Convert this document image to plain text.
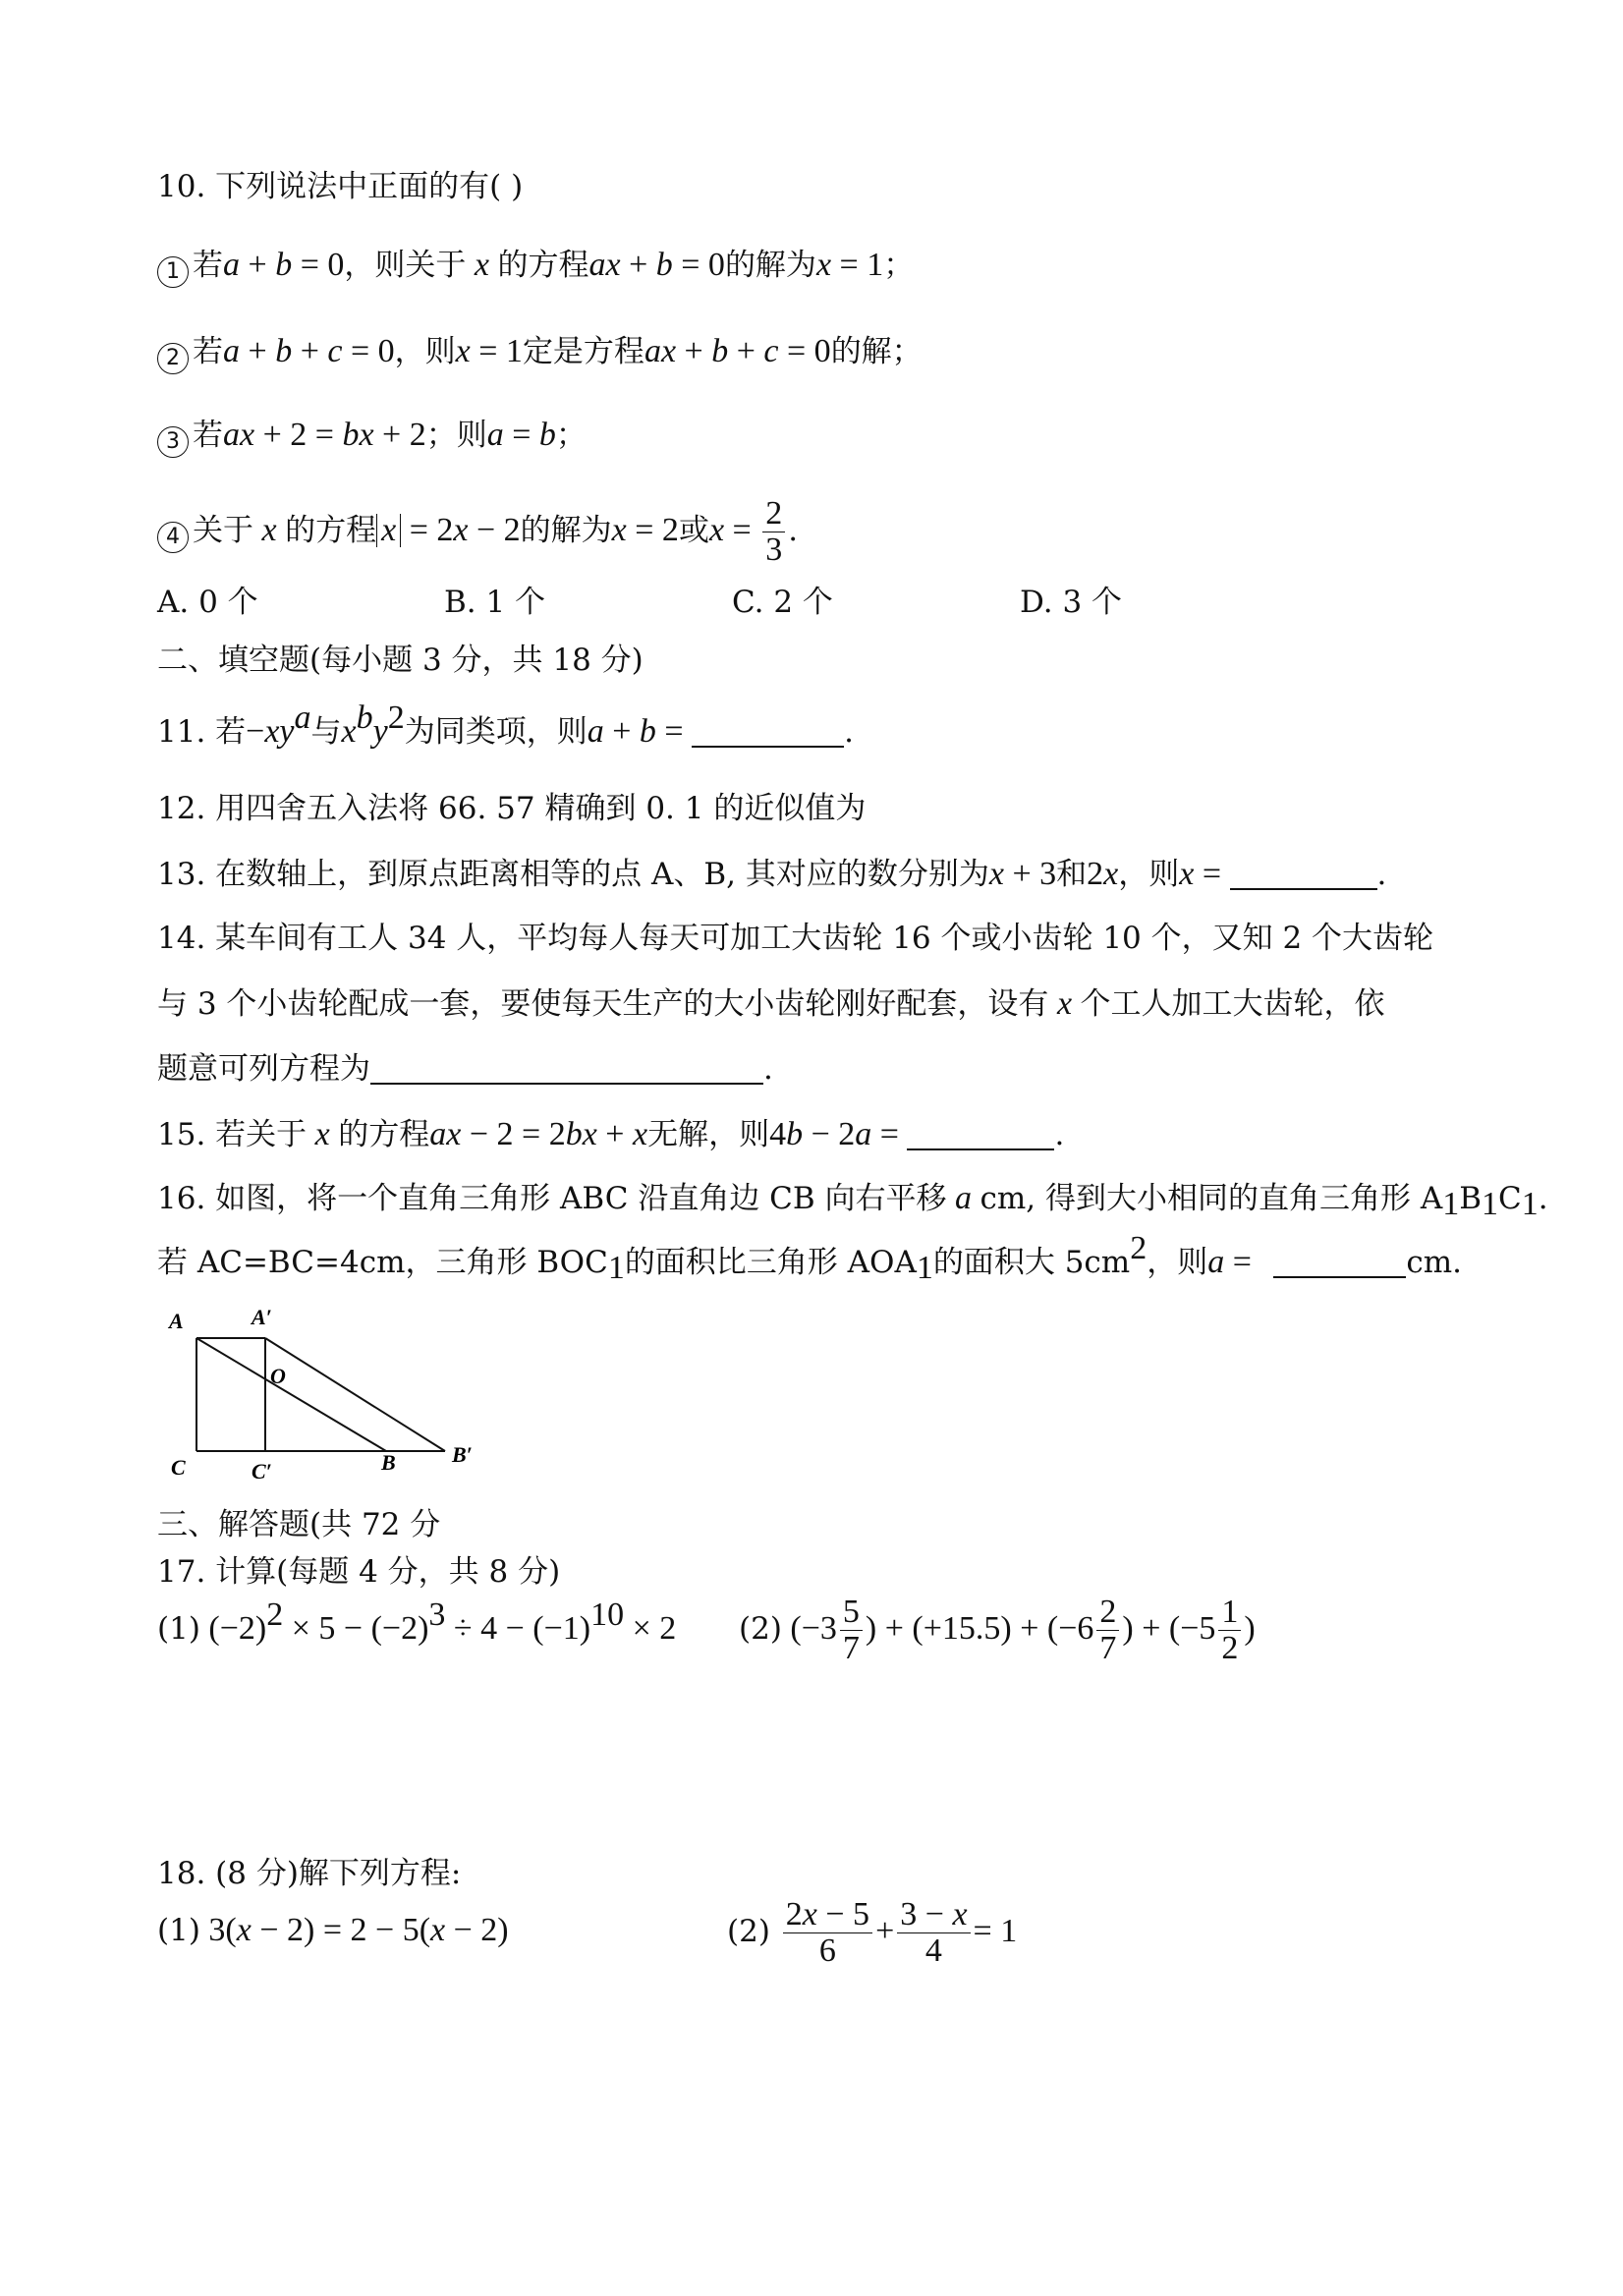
10. 下列说法中正面的有( )
1 若a + b = 0，则关于 x 的方程ax + b = 0的解为x = 1；
2 若a + b + c = 0，则x = 1定是方程ax + b + c = 0的解；
3 若ax + 2 = bx + 2；则a = b；
4 关于 x 的方程 x = 2x − 2的解为x = 2或$x = \frac{2}{3}$ .
A. 0 个	B. 1 个	C. 2 个	D. 3 个
二、填空题(每小题 3 分，共 18 分)
11. 若$-xy^a$与$x^by^2$为同类项，则a + b =	.
12. 用四舍五入法将 66. 57 精确到 0. 1 的近似值为
13. 在数轴上，到原点距离相等的点 A、B, 其对应的数分别为x + 3和2x，则x =	.
14. 某车间有工人 34 人，平均每人每天可加工大齿轮 16 个或小齿轮 10 个，又知 2 个大齿轮
与 3 个小齿轮配成一套，要使每天生产的大小齿轮刚好配套，设有 x 个工人加工大齿轮，依
题意可列方程为	.
15. 若关于 x 的方程ax − 2 = 2bx + x无解，则4b − 2a =	.
16. 如图，将一个直角三角形 ABC 沿直角边 CB 向右平移 a cm, 得到大小相同的直角三角形 $A_1B_1C_1$.
若 AC=BC=4cm，三角形 $BOC_1$的面积比三角形 $AOA_1$的面积大 $5cm^2$，则a =	cm.
A	A′
O
C	C′	B	B′
三、解答题(共 72 分
17. 计算(每题 4 分，共 8 分)
(1) $(-2)^2 \times 5 - (-2)^3 \div 4 - (-1)^{10} \times 2$ (2) ($-3 \frac{5}{7}$ ) + $(+15.5) + (-6 \frac{2}{7}$ ) + ($-5 \frac{1}{2}$ )
18. (8 分)解下列方程:
(1) 3(x − 2) = 2 − 5(x − 2)	$(2) \frac{2x - 5}{6} + \frac{3 - x}{4} = 1$
